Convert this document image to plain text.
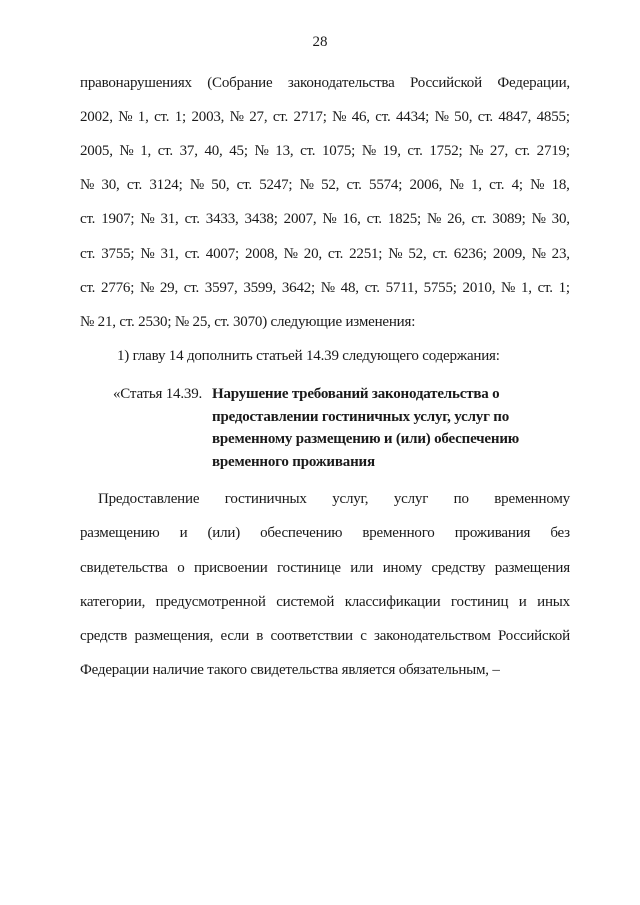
28
правонарушениях (Собрание законодательства Российской Федерации,
2002, № 1, ст. 1; 2003, № 27, ст. 2717; № 46, ст. 4434; № 50, ст. 4847, 4855;
2005, № 1, ст. 37, 40, 45; № 13, ст. 1075; № 19, ст. 1752; № 27, ст. 2719;
№ 30, ст. 3124; № 50, ст. 5247; № 52, ст. 5574; 2006, № 1, ст. 4; № 18,
ст. 1907; № 31, ст. 3433, 3438; 2007, № 16, ст. 1825; № 26, ст. 3089; № 30,
ст. 3755; № 31, ст. 4007; 2008, № 20, ст. 2251; № 52, ст. 6236; 2009, № 23,
ст. 2776; № 29, ст. 3597, 3599, 3642; № 48, ст. 5711, 5755; 2010, № 1, ст. 1;
№ 21, ст. 2530; № 25, ст. 3070) следующие изменения:
1) главу 14 дополнить статьей 14.39 следующего содержания:
«Статья 14.39. Нарушение требований законодательства о
предоставлении гостиничных услуг, услуг по
временному размещению и (или) обеспечению
временного проживания
Предоставление гостиничных услуг, услуг по временному
размещению и (или) обеспечению временного проживания без
свидетельства о присвоении гостинице или иному средству размещения
категории, предусмотренной системой классификации гостиниц и иных
средств размещения, если в соответствии с законодательством Российской
Федерации наличие такого свидетельства является обязательным, –
